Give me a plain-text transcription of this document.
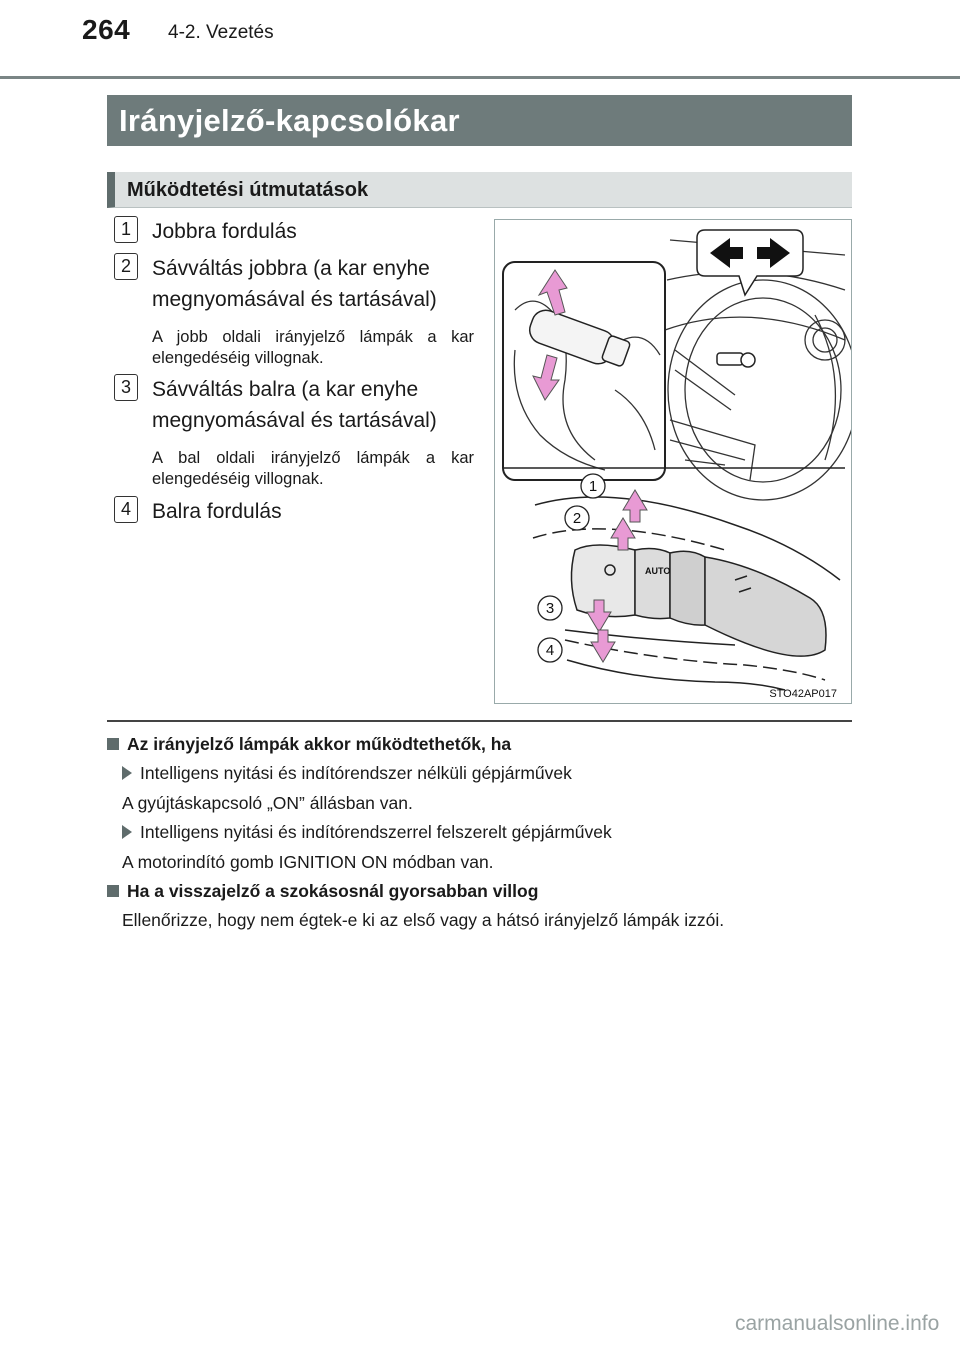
264 4-2. Vezetés
Irányjelző-kapcsolókar
Működtetési útmutatások
1	Jobbra fordulás
2	Sávváltás jobbra (a kar enyhe megnyomásával és tartásával)
A jobb oldali irányjelző lámpák a kar elengedéséig villognak.
3	Sávváltás balra (a kar enyhe megnyomásával és tartásával)
A bal oldali irányjelző lámpák a kar elengedéséig villognak.
4	Balra fordulás
AUTO
1
2
3
4
STO42AP017
Az irányjelző lámpák akkor működtethetők, ha
Intelligens nyitási és indítórendszer nélküli gépjárművek
A gyújtáskapcsoló „ON” állásban van.
Intelligens nyitási és indítórendszerrel felszerelt gépjárművek
A motorindító gomb IGNITION ON módban van.
Ha a visszajelző a szokásosnál gyorsabban villog
Ellenőrizze, hogy nem égtek-e ki az első vagy a hátsó irányjelző lámpák izzói.
carmanualsonline.info
